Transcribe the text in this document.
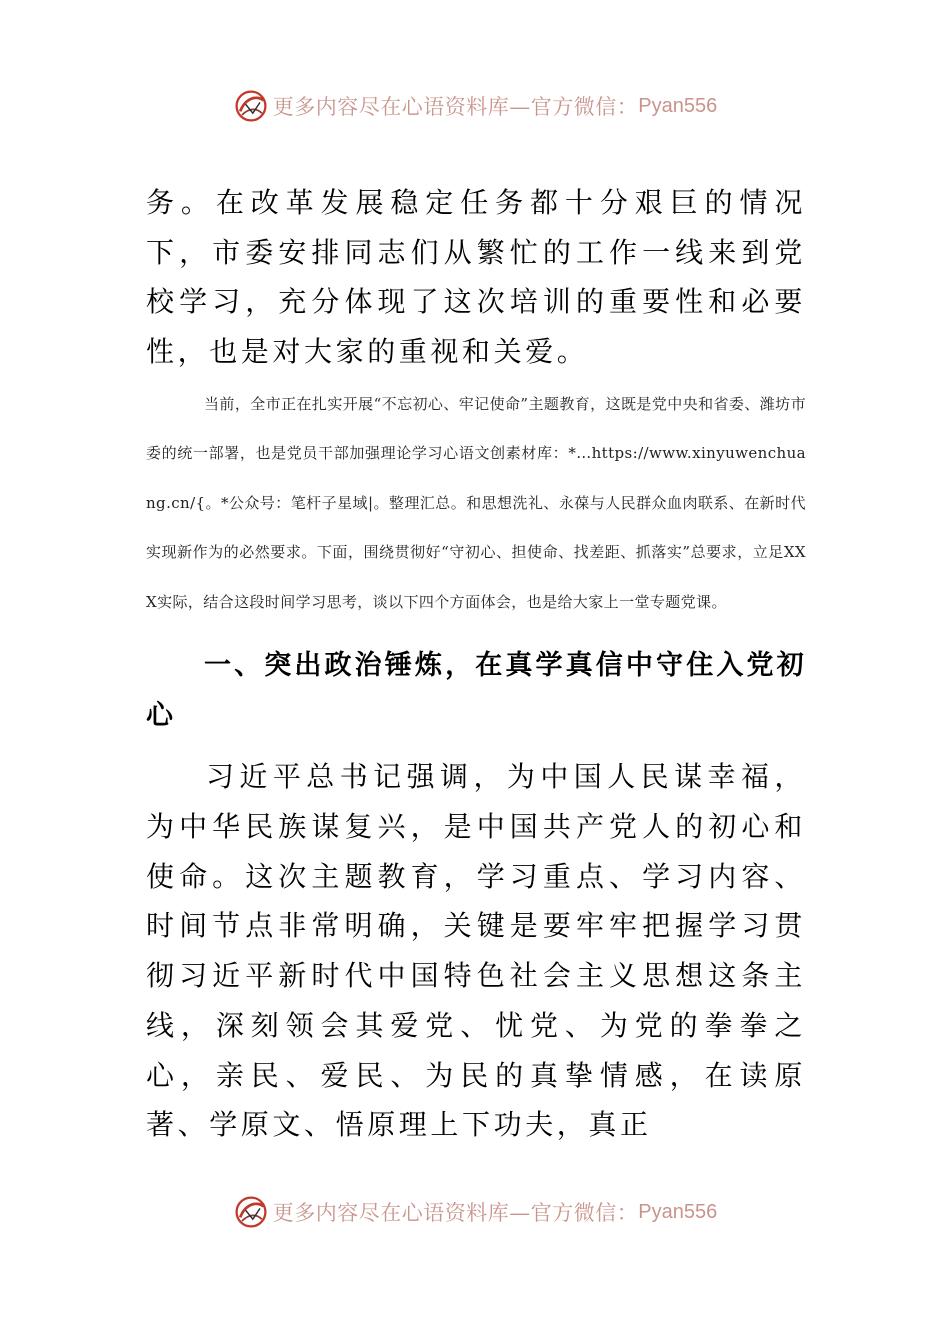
更多内容尽在心语资料库—官方微信： Pyan556

务。在改革发展稳定任务都十分艰巨的情况下，市委安排同志们从繁忙的工作一线来到党校学习，充分体现了这次培训的重要性和必要性，也是对大家的重视和关爱。

当前，全市正在扎实开展“不忘初心、牢记使命”主题教育，这既是党中央和省委、潍坊市委的统一部署，也是党员干部加强理论学习心语文创素材库：*…https://www.xinyuwenchuang.cn/{。*公众号：笔杆子星域|。整理汇总。和思想洗礼、永葆与人民群众血肉联系、在新时代实现新作为的必然要求。下面，围绕贯彻好“守初心、担使命、找差距、抓落实”总要求，立足XXX实际，结合这段时间学习思考，谈以下四个方面体会，也是给大家上一堂专题党课。

一、突出政治锤炼，在真学真信中守住入党初心

习近平总书记强调，为中国人民谋幸福，为中华民族谋复兴，是中国共产党人的初心和使命。这次主题教育，学习重点、学习内容、时间节点非常明确，关键是要牢牢把握学习贯彻习近平新时代中国特色社会主义思想这条主线，深刻领会其爱党、忧党、为党的拳拳之心，亲民、爱民、为民的真挚情感，在读原著、学原文、悟原理上下功夫，真正

更多内容尽在心语资料库—官方微信： Pyan556
